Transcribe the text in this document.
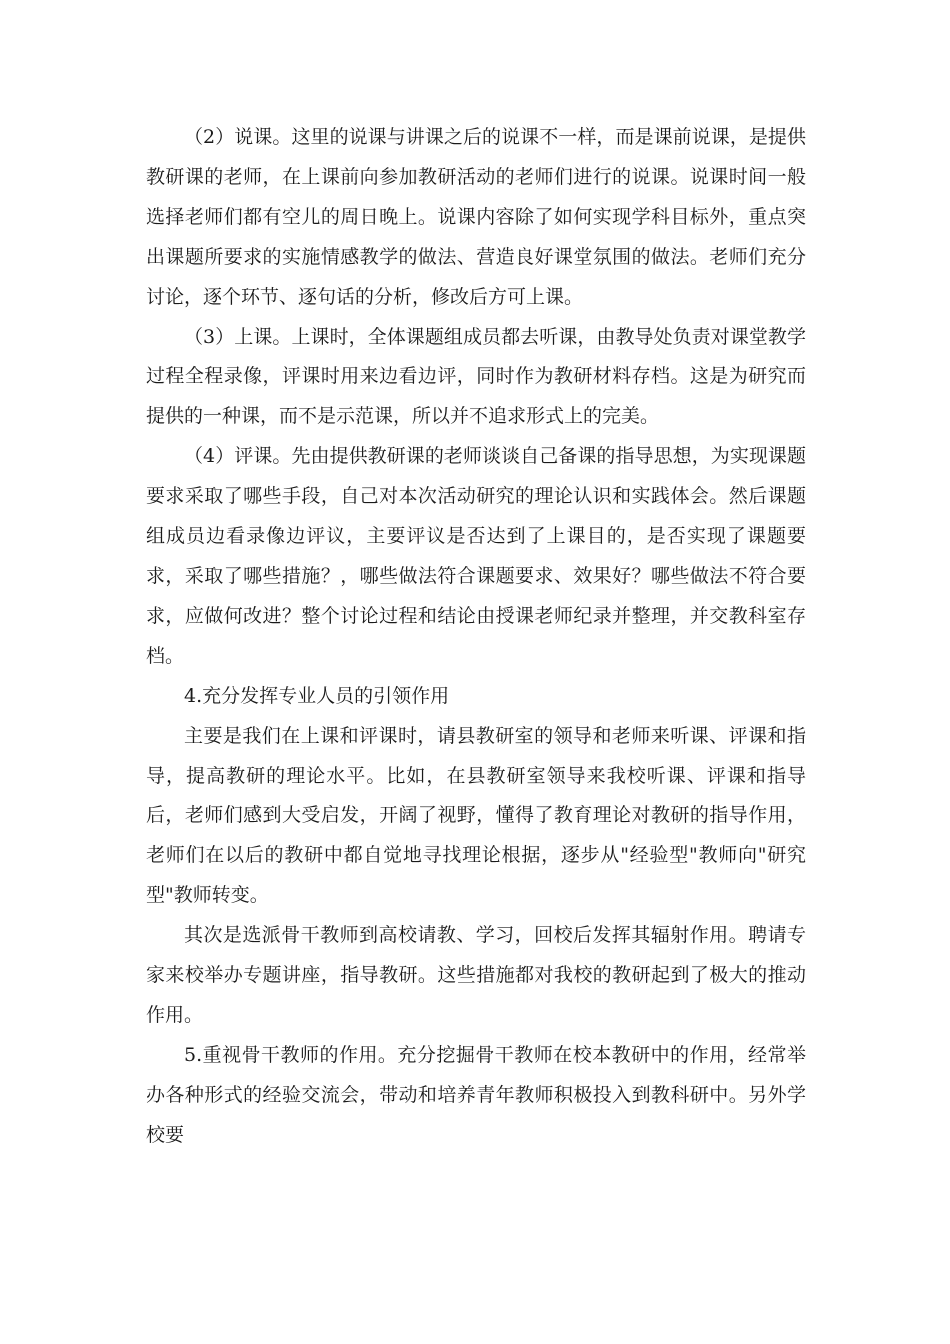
（2）说课。这里的说课与讲课之后的说课不一样，而是课前说课，是提供教研课的老师，在上课前向参加教研活动的老师们进行的说课。说课时间一般选择老师们都有空儿的周日晚上。说课内容除了如何实现学科目标外，重点突出课题所要求的实施情感教学的做法、营造良好课堂氛围的做法。老师们充分讨论，逐个环节、逐句话的分析，修改后方可上课。

（3）上课。上课时，全体课题组成员都去听课，由教导处负责对课堂教学过程全程录像，评课时用来边看边评，同时作为教研材料存档。这是为研究而提供的一种课，而不是示范课，所以并不追求形式上的完美。

（4）评课。先由提供教研课的老师谈谈自己备课的指导思想，为实现课题要求采取了哪些手段，自己对本次活动研究的理论认识和实践体会。然后课题组成员边看录像边评议，主要评议是否达到了上课目的，是否实现了课题要求，采取了哪些措施？，哪些做法符合课题要求、效果好？哪些做法不符合要求，应做何改进？整个讨论过程和结论由授课老师纪录并整理，并交教科室存档。

4.充分发挥专业人员的引领作用

主要是我们在上课和评课时，请县教研室的领导和老师来听课、评课和指导，提高教研的理论水平。比如，在县教研室领导来我校听课、评课和指导后，老师们感到大受启发，开阔了视野，懂得了教育理论对教研的指导作用，老师们在以后的教研中都自觉地寻找理论根据，逐步从"经验型"教师向"研究型"教师转变。

其次是选派骨干教师到高校请教、学习，回校后发挥其辐射作用。聘请专家来校举办专题讲座，指导教研。这些措施都对我校的教研起到了极大的推动作用。

5.重视骨干教师的作用。充分挖掘骨干教师在校本教研中的作用，经常举办各种形式的经验交流会，带动和培养青年教师积极投入到教科研中。另外学校要
